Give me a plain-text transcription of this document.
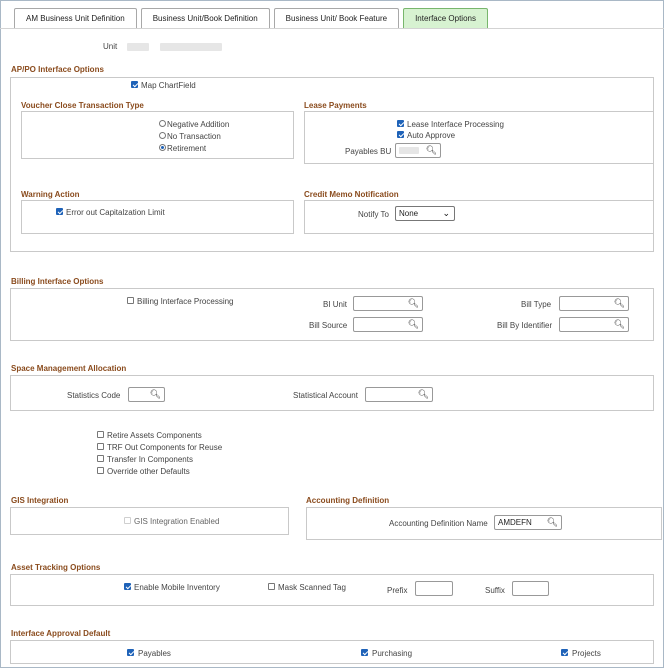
AM Business Unit Definition	Business Unit/Book Definition	Business Unit/ Book Feature	Interface Options
Unit
AP/PO Interface Options
Map ChartField
Voucher Close Transaction Type
Negative Addition
No Transaction
Retirement
Lease Payments
Lease Interface Processing
Auto Approve
Payables BU	🔍︎
Warning Action
Error out Capitalzation Limit
Credit Memo Notification
Notify To	None	⌄
Billing Interface Options
Billing Interface Processing	BI Unit	🔍︎	Bill Type	🔍︎
Bill Source	🔍︎	Bill By Identifier	🔍︎
Space Management Allocation
Statistics Code	🔍︎	Statistical Account	🔍︎
Retire Assets Components
TRF Out Components for Reuse
Transfer In Components
Override other Defaults
GIS Integration
GIS Integration Enabled
Accounting Definition
Accounting Definition Name AMDEFN 🔍︎
Asset Tracking Options
Enable Mobile Inventory	Mask Scanned Tag	Prefix	Suffix
Interface Approval Default
Payables	Purchasing	Projects
